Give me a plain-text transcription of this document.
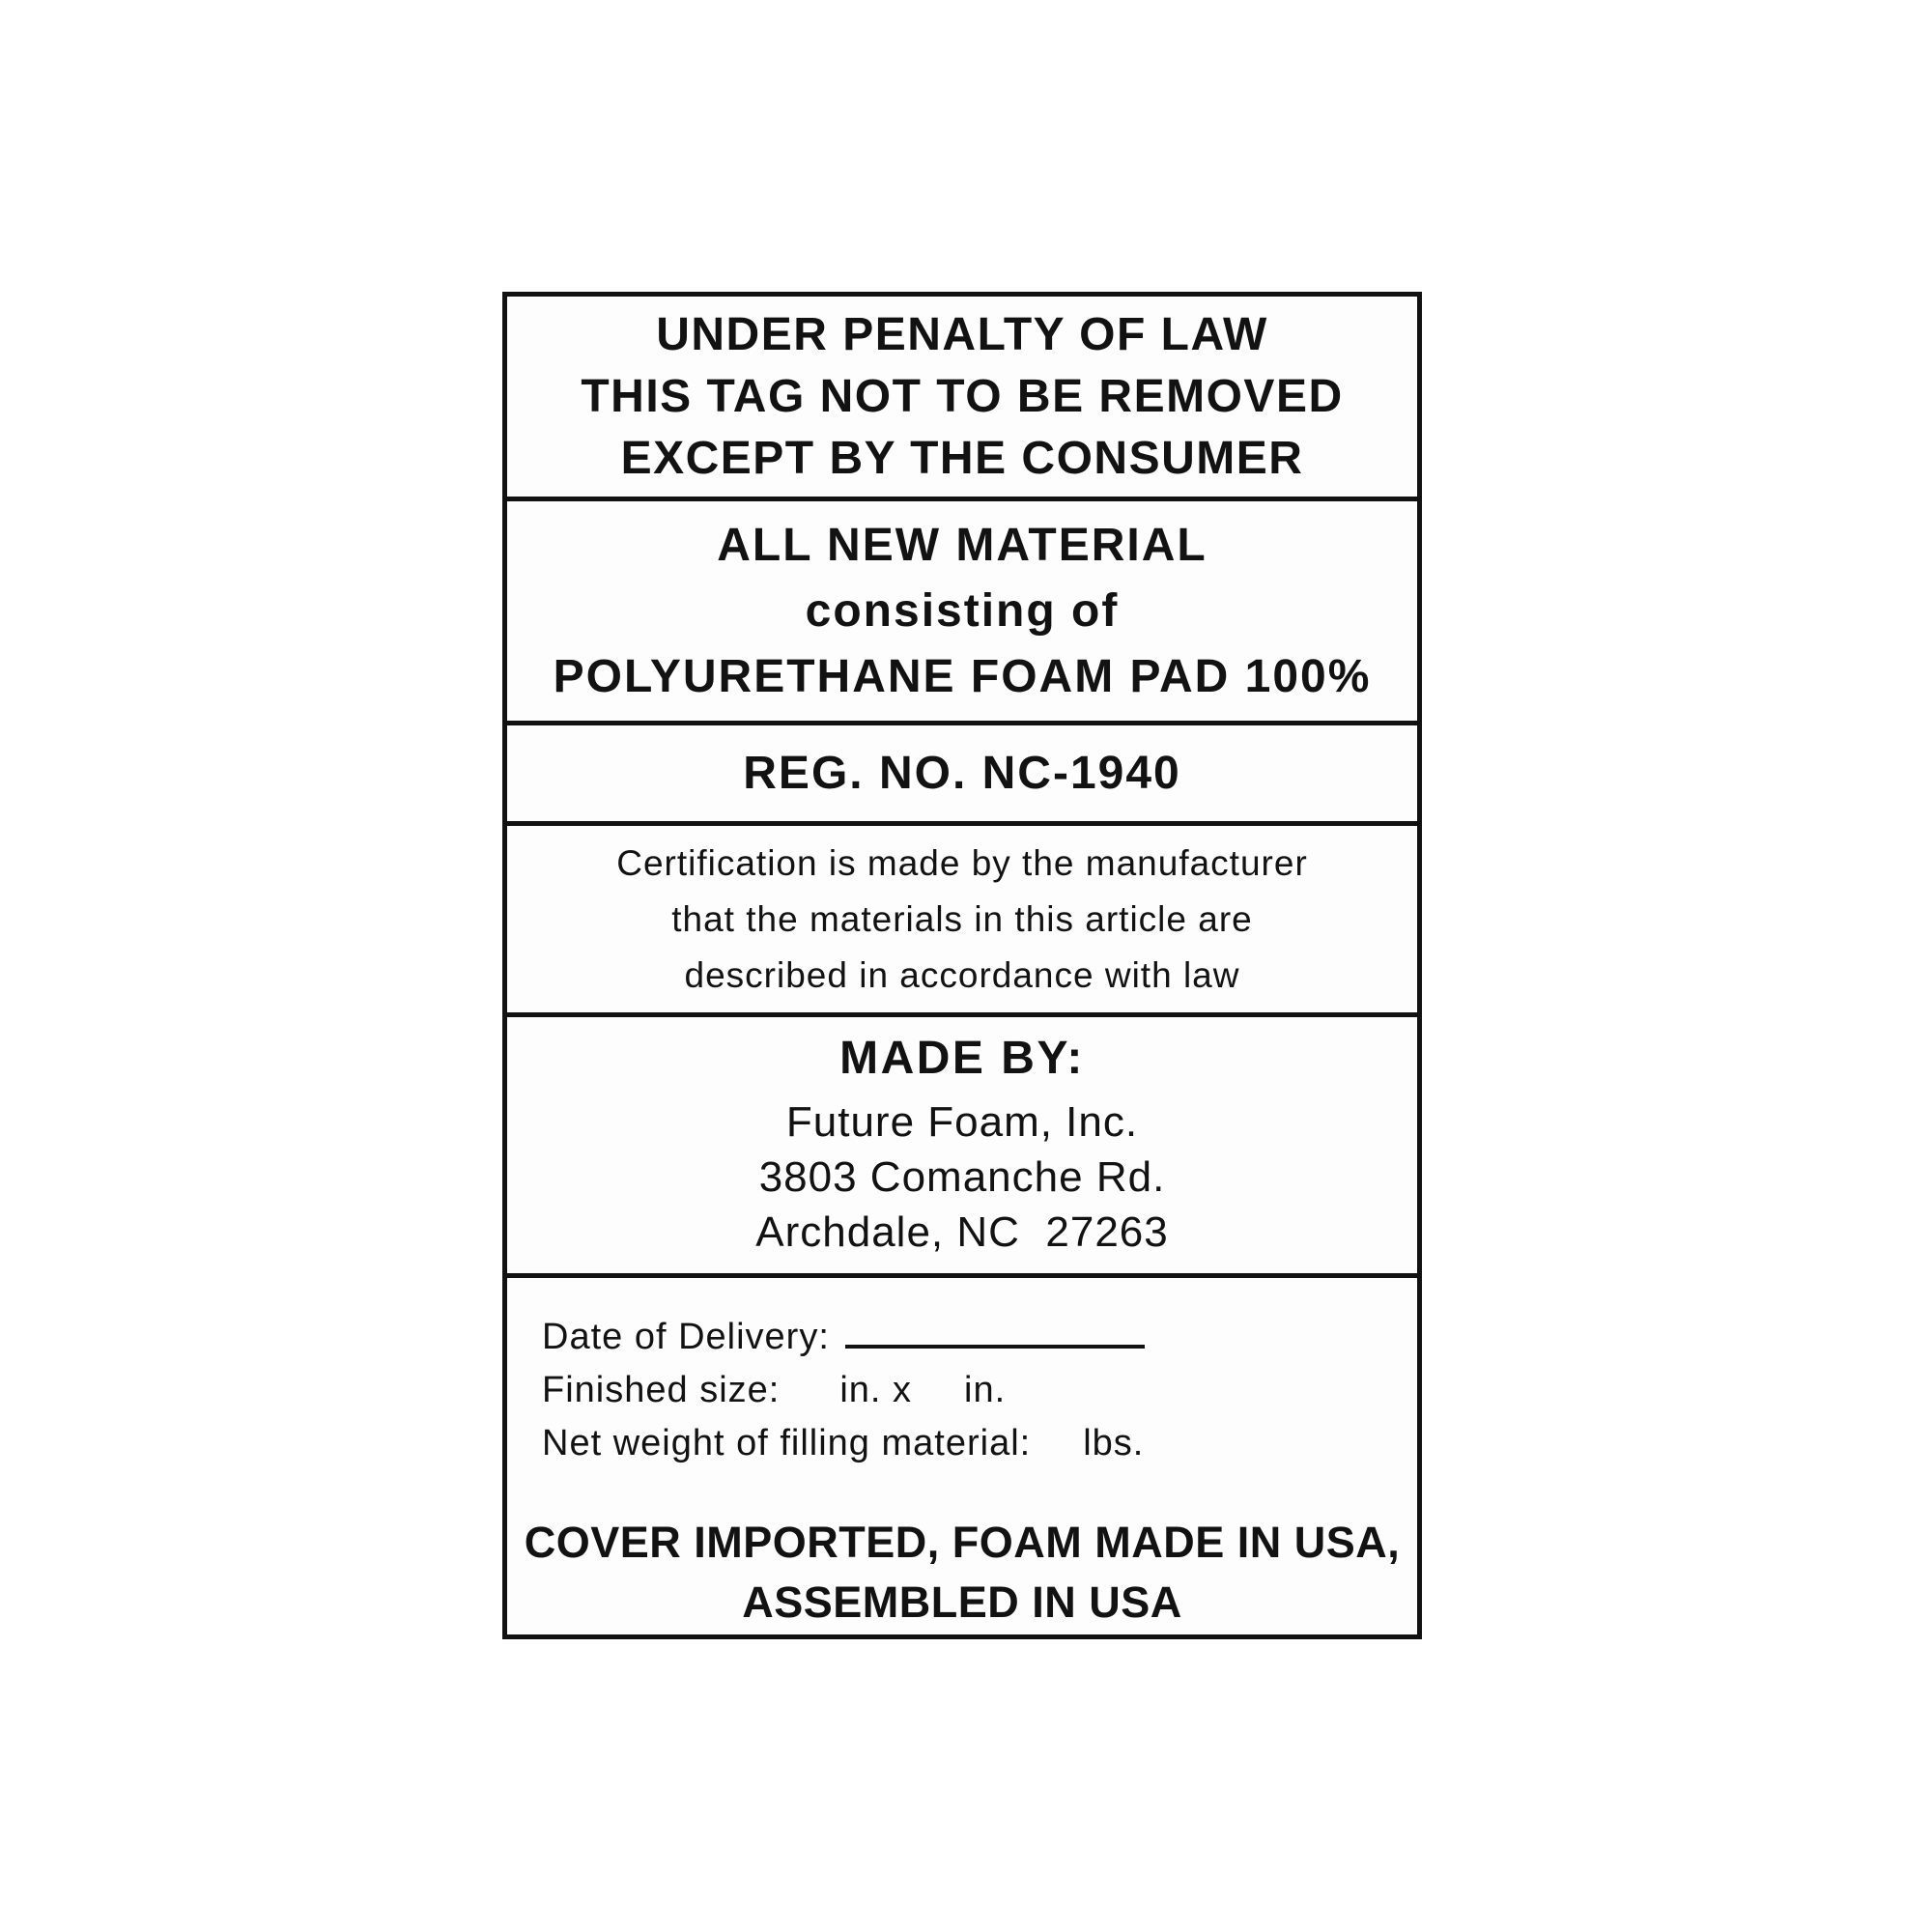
UNDER PENALTY OF LAW

THIS TAG NOT TO BE REMOVED

EXCEPT BY THE CONSUMER

ALL NEW MATERIAL

consisting of

POLYURETHANE FOAM PAD 100%

REG. NO. NC-1940

Certification is made by the manufacturer

that the materials in this article are

described in accordance with law

MADE BY:

Future Foam, Inc.

3803 Comanche Rd.

Archdale, NC  27263

Date of Delivery:

Finished size: in. x in.

Net weight of filling material: lbs.

COVER IMPORTED, FOAM MADE IN USA,

ASSEMBLED IN USA
